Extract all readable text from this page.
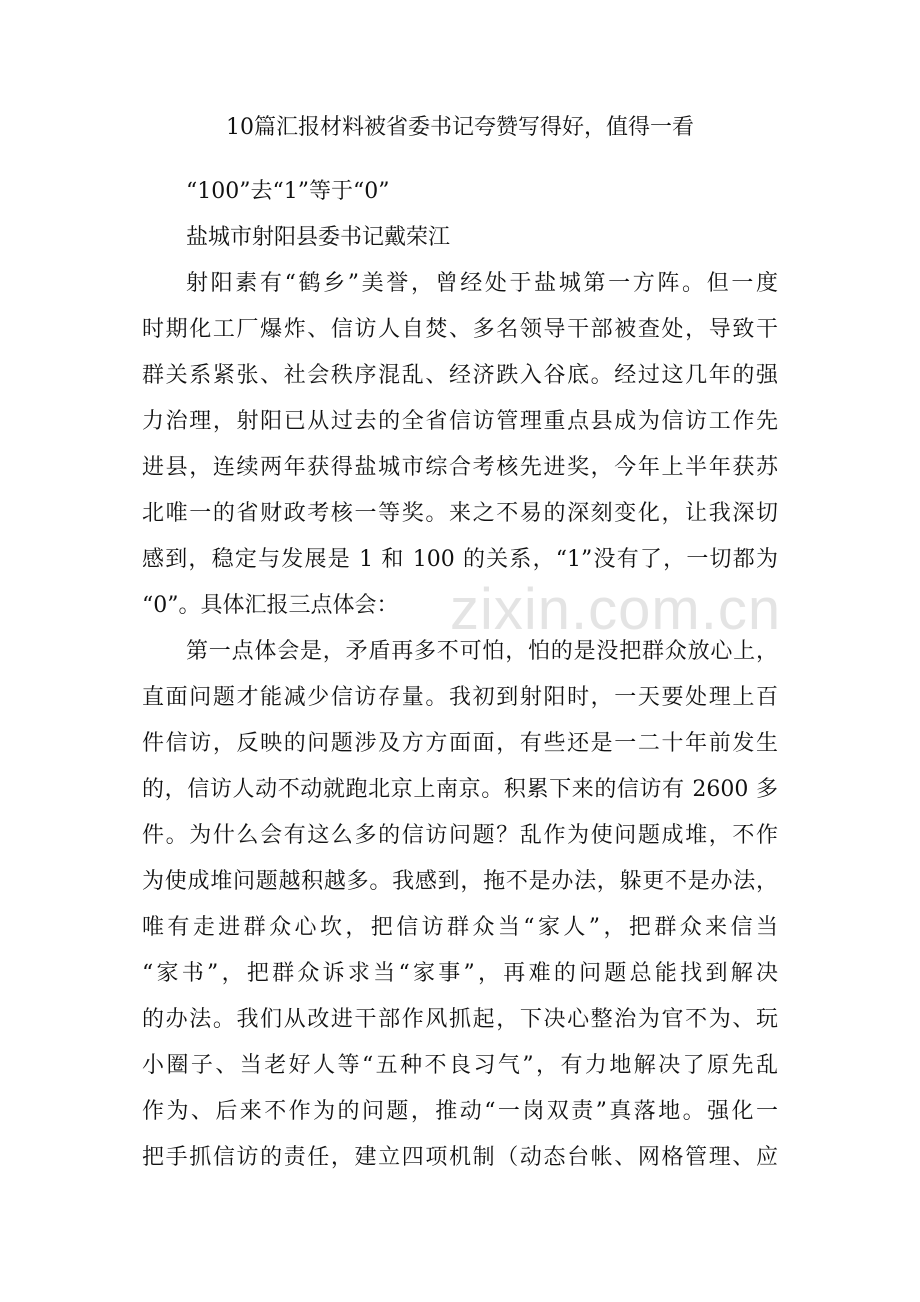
zixin.com.cn
10篇汇报材料被省委书记夸赞写得好，值得一看
“100”去“1”等于“0”
盐城市射阳县委书记戴荣江
射阳素有“鹤乡”美誉，曾经处于盐城第一方阵。但一度
时期化工厂爆炸、信访人自焚、多名领导干部被查处，导致干
群关系紧张、社会秩序混乱、经济跌入谷底。经过这几年的强
力治理，射阳已从过去的全省信访管理重点县成为信访工作先
进县，连续两年获得盐城市综合考核先进奖，今年上半年获苏
北唯一的省财政考核一等奖。来之不易的深刻变化，让我深切
感到，稳定与发展是 1 和 100 的关系，“1”没有了，一切都为
“0”。具体汇报三点体会：
第一点体会是，矛盾再多不可怕，怕的是没把群众放心上，
直面问题才能减少信访存量。我初到射阳时，一天要处理上百
件信访，反映的问题涉及方方面面，有些还是一二十年前发生
的，信访人动不动就跑北京上南京。积累下来的信访有 2600 多
件。为什么会有这么多的信访问题？乱作为使问题成堆，不作
为使成堆问题越积越多。我感到，拖不是办法，躲更不是办法，
唯有走进群众心坎，把信访群众当“家人”，把群众来信当
“家书”，把群众诉求当“家事”，再难的问题总能找到解决
的办法。我们从改进干部作风抓起，下决心整治为官不为、玩
小圈子、当老好人等“五种不良习气”，有力地解决了原先乱
作为、后来不作为的问题，推动“一岗双责”真落地。强化一
把手抓信访的责任，建立四项机制（动态台帐、网格管理、应
